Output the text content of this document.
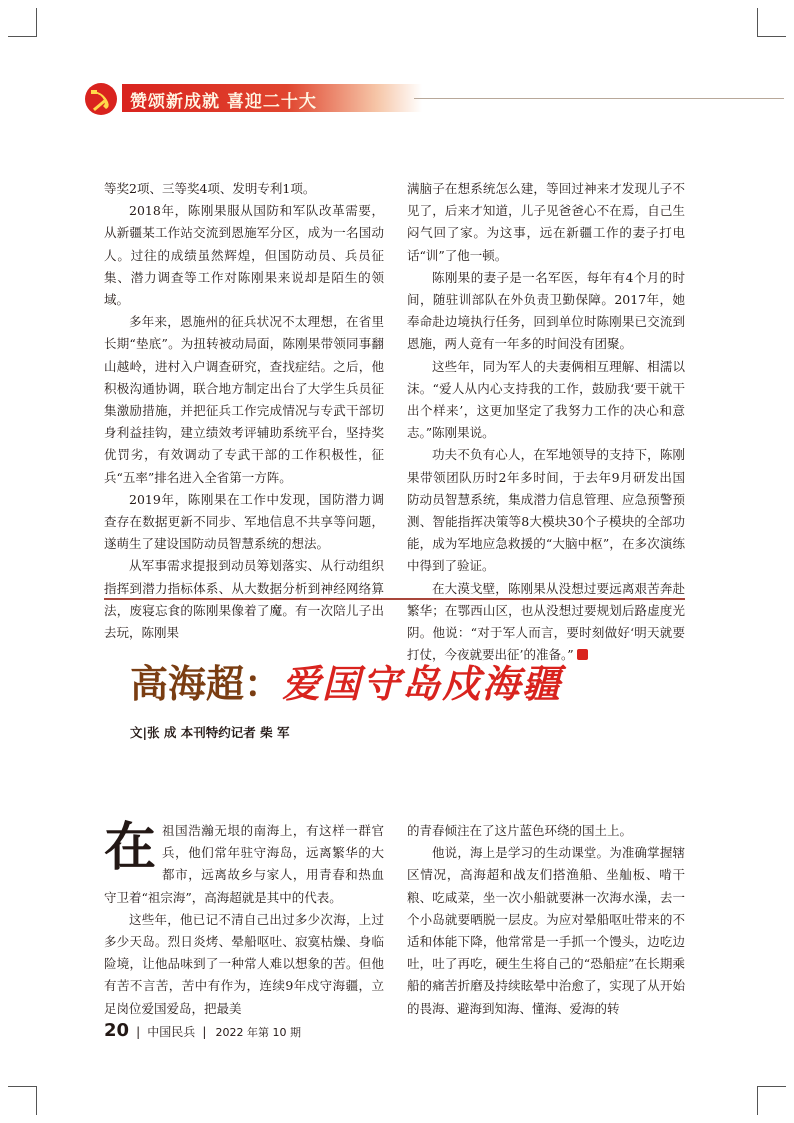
赞颂新成就 喜迎二十大

等奖2项、三等奖4项、发明专利1项。

2018年，陈刚果服从国防和军队改革需要，从新疆某工作站交流到恩施军分区，成为一名国动人。过往的成绩虽然辉煌，但国防动员、兵员征集、潜力调查等工作对陈刚果来说却是陌生的领域。

多年来，恩施州的征兵状况不太理想，在省里长期“垫底”。为扭转被动局面，陈刚果带领同事翻山越岭，进村入户调查研究，查找症结。之后，他积极沟通协调，联合地方制定出台了大学生兵员征集激励措施，并把征兵工作完成情况与专武干部切身利益挂钩，建立绩效考评辅助系统平台，坚持奖优罚劣，有效调动了专武干部的工作积极性，征兵“五率”排名进入全省第一方阵。

2019年，陈刚果在工作中发现，国防潜力调查存在数据更新不同步、军地信息不共享等问题，遂萌生了建设国防动员智慧系统的想法。

从军事需求提报到动员筹划落实、从行动组织指挥到潜力指标体系、从大数据分析到神经网络算法，废寝忘食的陈刚果像着了魔。有一次陪儿子出去玩，陈刚果

满脑子在想系统怎么建，等回过神来才发现儿子不见了，后来才知道，儿子见爸爸心不在焉，自己生闷气回了家。为这事，远在新疆工作的妻子打电话“训”了他一顿。

陈刚果的妻子是一名军医，每年有4个月的时间，随驻训部队在外负责卫勤保障。2017年，她奉命赴边境执行任务，回到单位时陈刚果已交流到恩施，两人竟有一年多的时间没有团聚。

这些年，同为军人的夫妻俩相互理解、相濡以沫。“爱人从内心支持我的工作，鼓励我‘要干就干出个样来’，这更加坚定了我努力工作的决心和意志。”陈刚果说。

功夫不负有心人，在军地领导的支持下，陈刚果带领团队历时2年多时间，于去年9月研发出国防动员智慧系统，集成潜力信息管理、应急预警预测、智能指挥决策等8大模块30个子模块的全部功能，成为军地应急救援的“大脑中枢”，在多次演练中得到了验证。

在大漠戈壁，陈刚果从没想过要远离艰苦奔赴繁华；在鄂西山区，也从没想过要规划后路虚度光阴。他说：“对于军人而言，要时刻做好‘明天就要打仗，今夜就要出征’的准备。”

高海超：爱国守岛戍海疆
文|张 成 本刊特约记者 柴 军

在祖国浩瀚无垠的南海上，有这样一群官兵，他们常年驻守海岛，远离繁华的大都市，远离故乡与家人，用青春和热血守卫着“祖宗海”，高海超就是其中的代表。

这些年，他已记不清自己出过多少次海，上过多少天岛。烈日炎烤、晕船呕吐、寂寞枯燥、身临险境，让他品味到了一种常人难以想象的苦。但他有苦不言苦，苦中有作为，连续9年戍守海疆，立足岗位爱国爱岛，把最美

的青春倾注在了这片蓝色环绕的国土上。

他说，海上是学习的生动课堂。为准确掌握辖区情况，高海超和战友们搭渔船、坐舢板、啃干粮、吃咸菜，坐一次小船就要淋一次海水澡，去一个小岛就要晒脱一层皮。为应对晕船呕吐带来的不适和体能下降，他常常是一手抓一个馒头，边吃边吐，吐了再吃，硬生生将自己的“恐船症”在长期乘船的痛苦折磨及持续眩晕中治愈了，实现了从开始的畏海、避海到知海、懂海、爱海的转

20 | 中国民兵 | 2022 年第 10 期
